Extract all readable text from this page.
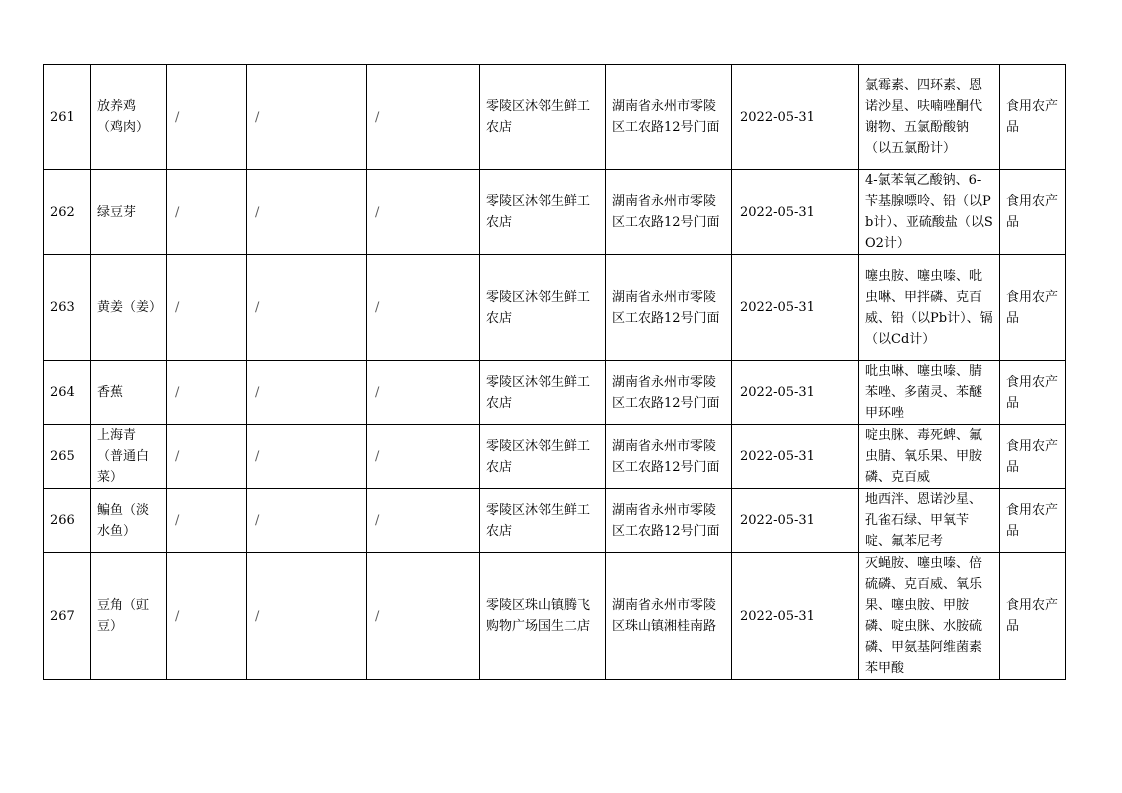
261	放养鸡（鸡肉）	/	/	/	零陵区沐邻生鲜工农店	湖南省永州市零陵区工农路12号门面	2022-05-31	氯霉素、四环素、恩诺沙星、呋喃唑酮代谢物、五氯酚酸钠（以五氯酚计）	食用农产品
262	绿豆芽	/	/	/	零陵区沐邻生鲜工农店	湖南省永州市零陵区工农路12号门面	2022-05-31	4-氯苯氧乙酸钠、6-苄基腺嘌呤、铅（以Pb计）、亚硫酸盐（以SO2计）	食用农产品
263	黄姜（姜）	/	/	/	零陵区沐邻生鲜工农店	湖南省永州市零陵区工农路12号门面	2022-05-31	噻虫胺、噻虫嗪、吡虫啉、甲拌磷、克百威、铅（以Pb计）、镉（以Cd计）	食用农产品
264	香蕉	/	/	/	零陵区沐邻生鲜工农店	湖南省永州市零陵区工农路12号门面	2022-05-31	吡虫啉、噻虫嗪、腈苯唑、多菌灵、苯醚甲环唑	食用农产品
265	上海青（普通白菜）	/	/	/	零陵区沐邻生鲜工农店	湖南省永州市零陵区工农路12号门面	2022-05-31	啶虫脒、毒死蜱、氟虫腈、氧乐果、甲胺磷、克百威	食用农产品
266	鳊鱼（淡水鱼）	/	/	/	零陵区沐邻生鲜工农店	湖南省永州市零陵区工农路12号门面	2022-05-31	地西泮、恩诺沙星、孔雀石绿、甲氧苄啶、氟苯尼考	食用农产品
267	豆角（豇豆）	/	/	/	零陵区珠山镇腾飞购物广场国生二店	湖南省永州市零陵区珠山镇湘桂南路	2022-05-31	灭蝇胺、噻虫嗪、倍硫磷、克百威、氧乐果、噻虫胺、甲胺磷、啶虫脒、水胺硫磷、甲氨基阿维菌素苯甲酸	食用农产品
